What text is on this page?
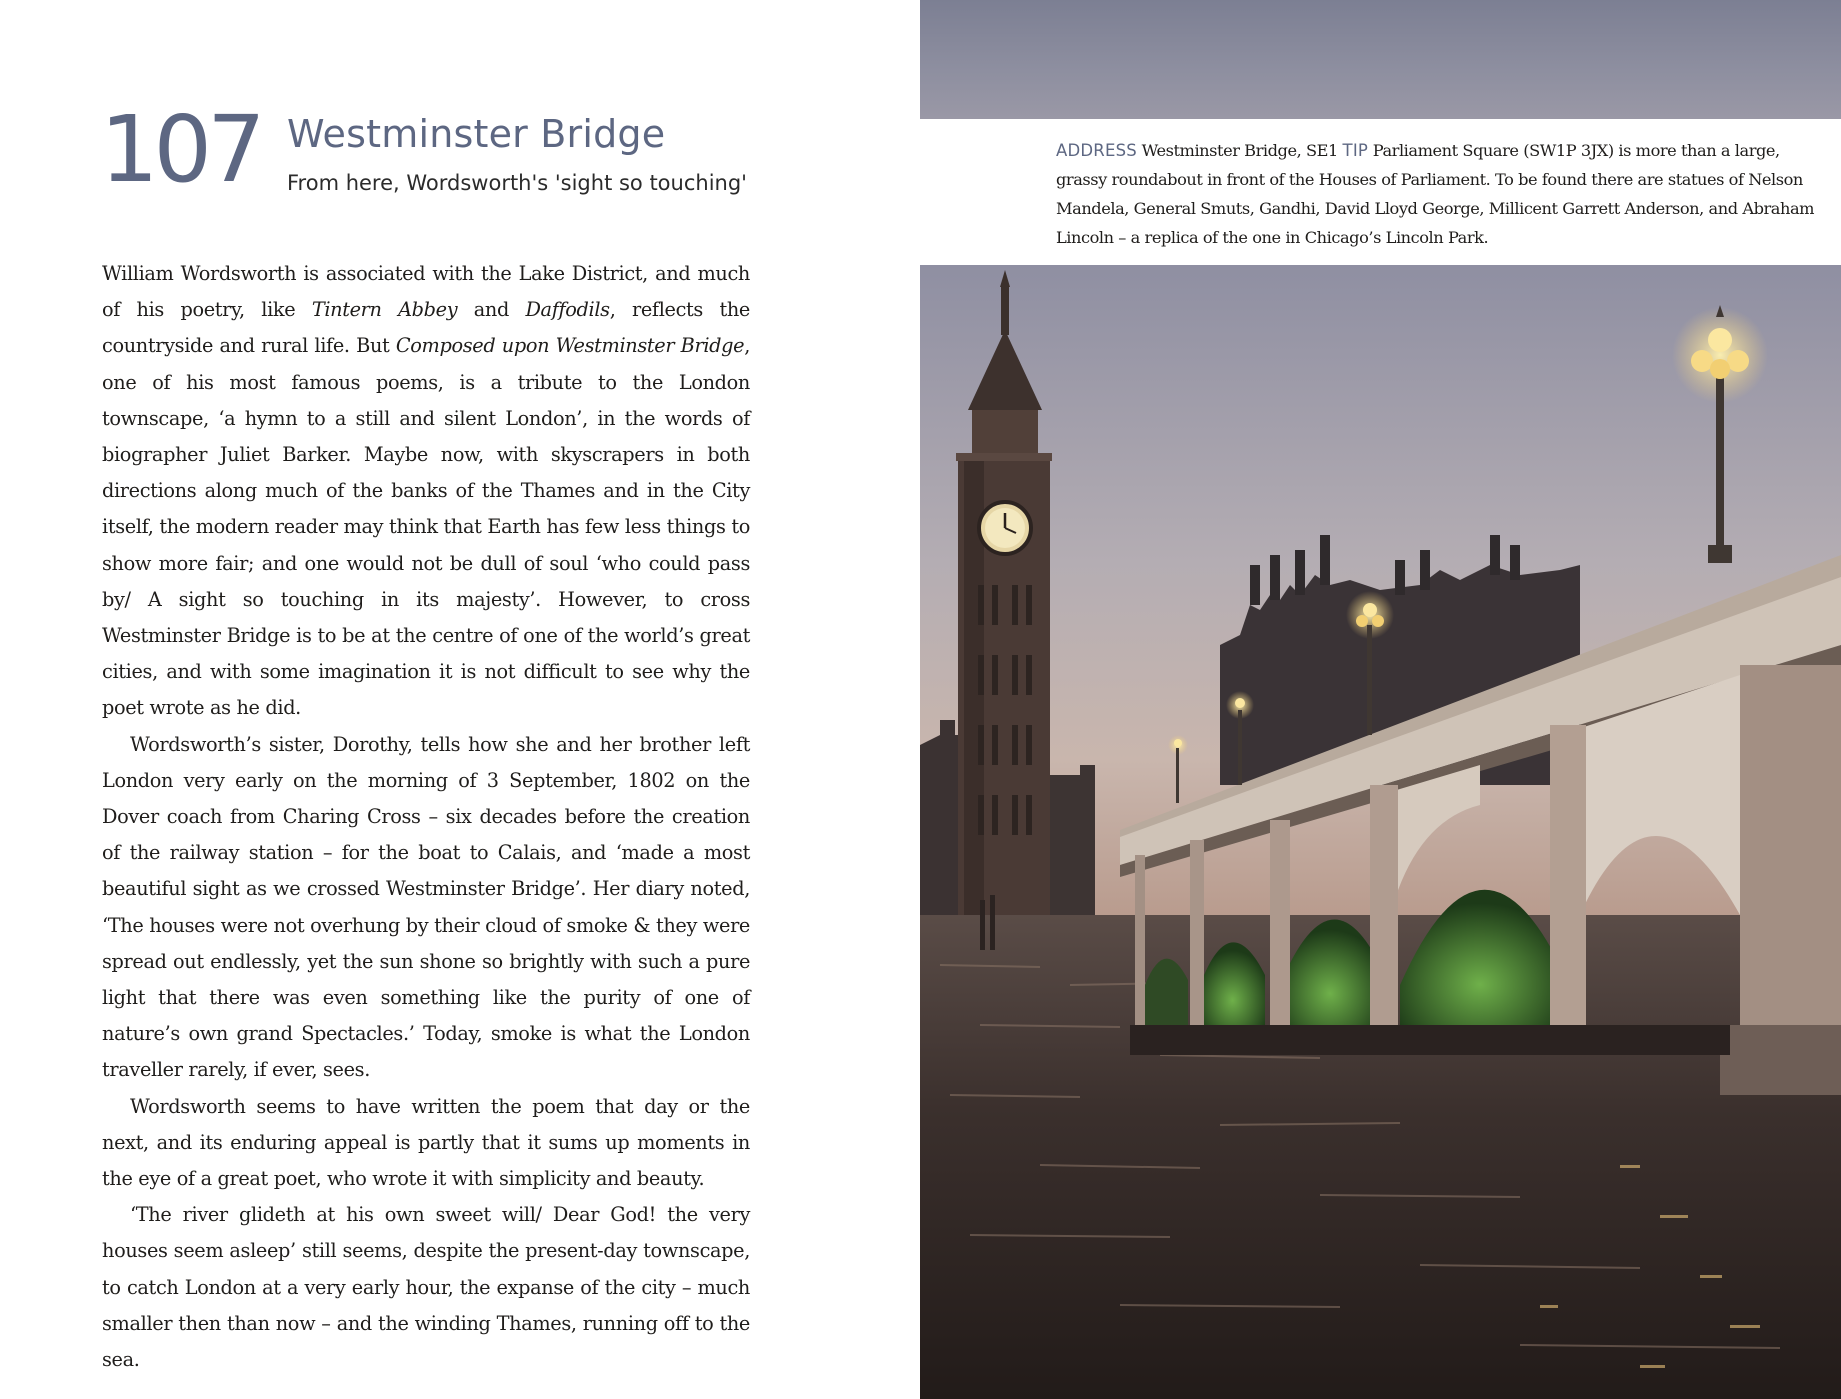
107 Westminster Bridge
From here, Wordsworth's 'sight so touching'

William Wordsworth is associated with the Lake District, and much of his poetry, like Tintern Abbey and Daffodils, reflects the countryside and rural life. But Composed upon Westminster Bridge, one of his most famous poems, is a tribute to the London townscape, ‘a hymn to a still and silent London’, in the words of biographer Juliet Barker. Maybe now, with skyscrapers in both directions along much of the banks of the Thames and in the City itself, the modern reader may think that Earth has few less things to show more fair; and one would not be dull of soul ‘who could pass by/ A sight so touching in its majesty’. However, to cross Westminster Bridge is to be at the centre of one of the world’s great cities, and with some imagination it is not difficult to see why the poet wrote as he did.

Wordsworth’s sister, Dorothy, tells how she and her brother left London very early on the morning of 3 September, 1802 on the Dover coach from Charing Cross – six decades before the creation of the railway station – for the boat to Calais, and ‘made a most beautiful sight as we crossed Westminster Bridge’. Her diary noted, ‘The houses were not overhung by their cloud of smoke & they were spread out endlessly, yet the sun shone so brightly with such a pure light that there was even something like the purity of one of nature’s own grand Spectacles.’ Today, smoke is what the London traveller rarely, if ever, sees.

Wordsworth seems to have written the poem that day or the next, and its enduring appeal is partly that it sums up moments in the eye of a great poet, who wrote it with simplicity and beauty.

‘The river glideth at his own sweet will/ Dear God! the very houses seem asleep’ still seems, despite the present-day townscape, to catch London at a very early hour, the expanse of the city – much smaller then than now – and the winding Thames, running off to the sea.

ADDRESS Westminster Bridge, SE1 TIP Parliament Square (SW1P 3JX) is more than a large, grassy roundabout in front of the Houses of Parliament. To be found there are statues of Nelson Mandela, General Smuts, Gandhi, David Lloyd George, Millicent Garrett Anderson, and Abraham Lincoln – a replica of the one in Chicago’s Lincoln Park.
